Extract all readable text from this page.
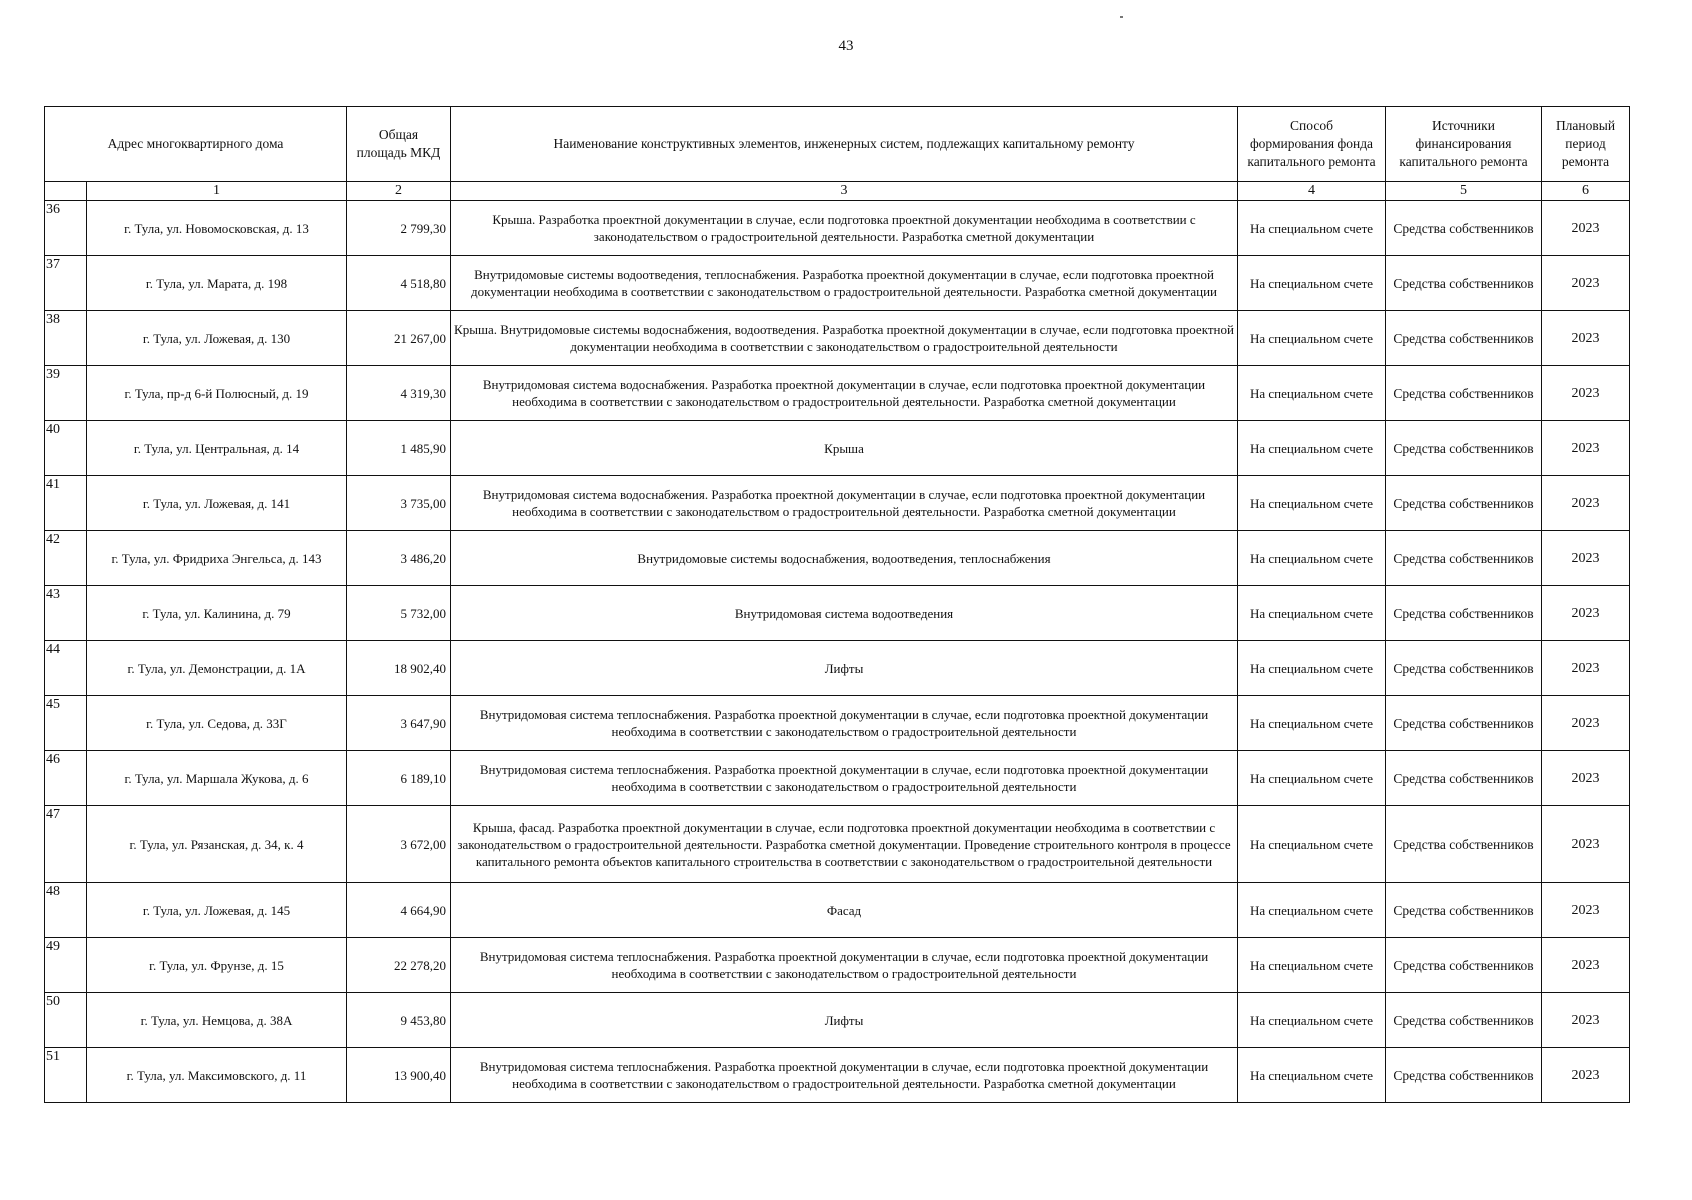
43
Адрес многоквартирного дома		Общая
площадь МКД	Наименование конструктивных элементов, инженерных систем, подлежащих капитальному ремонту	Способ
формирования фонда
капитального ремонта	Источники
финансирования
капитального ремонта	Плановый
период
ремонта
	1	2	3	4	5	6
36	г. Тула, ул. Новомосковская, д. 13	2 799,30	Крыша. Разработка проектной документации в случае, если подготовка проектной документации необходима в соответствии с законодательством о градостроительной деятельности. Разработка сметной документации	На специальном счете	Средства собственников	2023
37	г. Тула, ул. Марата, д. 198	4 518,80	Внутридомовые системы водоотведения, теплоснабжения. Разработка проектной документации в случае, если подготовка проектной документации необходима в соответствии с законодательством о градостроительной деятельности. Разработка сметной документации	На специальном счете	Средства собственников	2023
38	г. Тула, ул. Ложевая, д. 130	21 267,00	Крыша. Внутридомовые системы водоснабжения, водоотведения. Разработка проектной документации в случае, если подготовка проектной документации необходима в соответствии с законодательством о градостроительной деятельности	На специальном счете	Средства собственников	2023
39	г. Тула, пр-д 6-й Полюсный, д. 19	4 319,30	Внутридомовая система водоснабжения. Разработка проектной документации в случае, если подготовка проектной документации необходима в соответствии с законодательством о градостроительной деятельности. Разработка сметной документации	На специальном счете	Средства собственников	2023
40	г. Тула, ул. Центральная, д. 14	1 485,90	Крыша	На специальном счете	Средства собственников	2023
41	г. Тула, ул. Ложевая, д. 141	3 735,00	Внутридомовая система водоснабжения. Разработка проектной документации в случае, если подготовка проектной документации необходима в соответствии с законодательством о градостроительной деятельности. Разработка сметной документации	На специальном счете	Средства собственников	2023
42	г. Тула, ул. Фридриха Энгельса, д. 143	3 486,20	Внутридомовые системы водоснабжения, водоотведения, теплоснабжения	На специальном счете	Средства собственников	2023
43	г. Тула, ул. Калинина, д. 79	5 732,00	Внутридомовая система водоотведения	На специальном счете	Средства собственников	2023
44	г. Тула, ул. Демонстрации, д. 1А	18 902,40	Лифты	На специальном счете	Средства собственников	2023
45	г. Тула, ул. Седова, д. 33Г	3 647,90	Внутридомовая система теплоснабжения. Разработка проектной документации в случае, если подготовка проектной документации необходима в соответствии с законодательством о градостроительной деятельности	На специальном счете	Средства собственников	2023
46	г. Тула, ул. Маршала Жукова, д. 6	6 189,10	Внутридомовая система теплоснабжения. Разработка проектной документации в случае, если подготовка проектной документации необходима в соответствии с законодательством о градостроительной деятельности	На специальном счете	Средства собственников	2023
47	г. Тула, ул. Рязанская, д. 34, к. 4	3 672,00	Крыша, фасад. Разработка проектной документации в случае, если подготовка проектной документации необходима в соответствии с законодательством о градостроительной деятельности. Разработка сметной документации. Проведение строительного контроля в процессе капитального ремонта объектов капитального строительства в соответствии с законодательством о градостроительной деятельности	На специальном счете	Средства собственников	2023
48	г. Тула, ул. Ложевая, д. 145	4 664,90	Фасад	На специальном счете	Средства собственников	2023
49	г. Тула, ул. Фрунзе, д. 15	22 278,20	Внутридомовая система теплоснабжения. Разработка проектной документации в случае, если подготовка проектной документации необходима в соответствии с законодательством о градостроительной деятельности	На специальном счете	Средства собственников	2023
50	г. Тула, ул. Немцова, д. 38А	9 453,80	Лифты	На специальном счете	Средства собственников	2023
51	г. Тула, ул. Максимовского, д. 11	13 900,40	Внутридомовая система теплоснабжения. Разработка проектной документации в случае, если подготовка проектной документации необходима в соответствии с законодательством о градостроительной деятельности. Разработка сметной документации	На специальном счете	Средства собственников	2023
